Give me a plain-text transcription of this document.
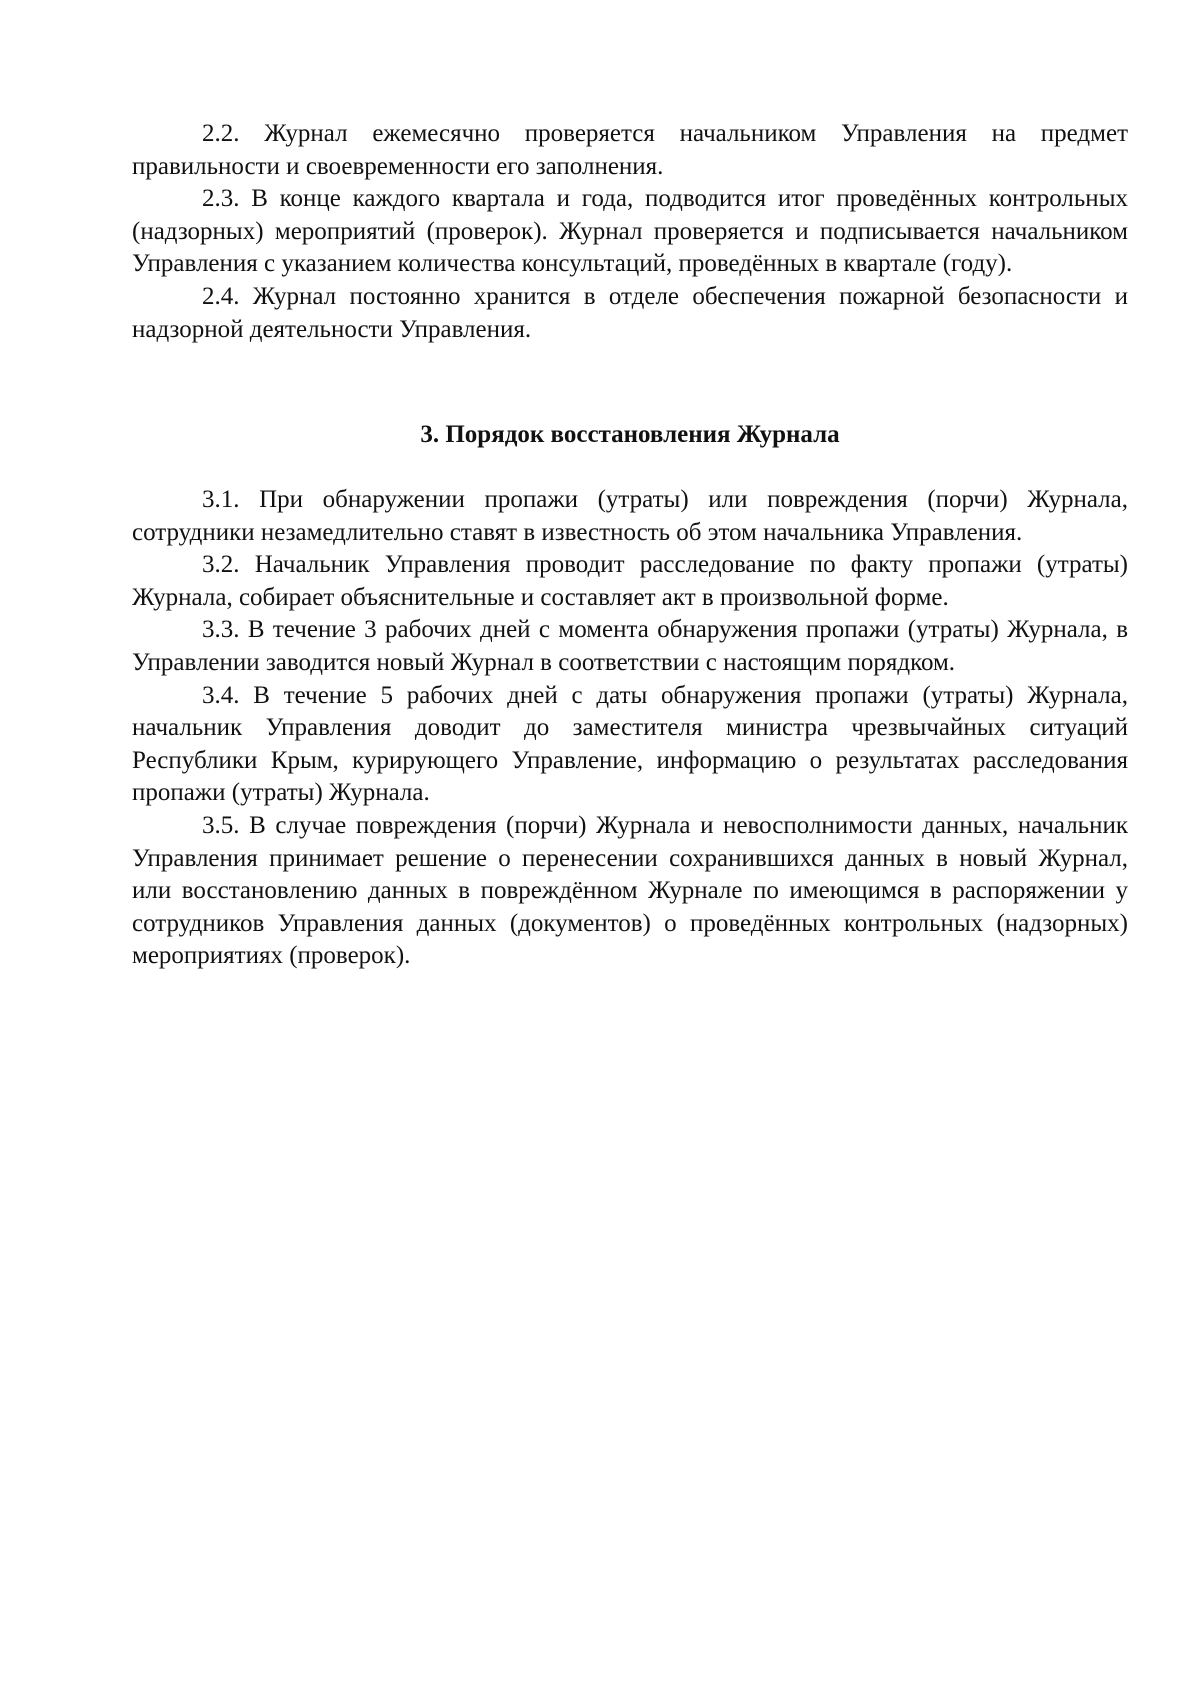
2.2. Журнал ежемесячно проверяется начальником Управления на предмет правильности и своевременности его заполнения.

2.3. В конце каждого квартала и года, подводится итог проведённых контрольных (надзорных) мероприятий (проверок). Журнал проверяется и подписывается начальником Управления с указанием количества консультаций, проведённых в квартале (году).

2.4. Журнал постоянно хранится в отделе обеспечения пожарной безопасности и надзорной деятельности Управления.

3. Порядок восстановления Журнала

3.1. При обнаружении пропажи (утраты) или повреждения (порчи) Журнала, сотрудники незамедлительно ставят в известность об этом начальника Управления.

3.2. Начальник Управления проводит расследование по факту пропажи (утраты) Журнала, собирает объяснительные и составляет акт в произвольной форме.

3.3. В течение 3 рабочих дней с момента обнаружения пропажи (утраты) Журнала, в Управлении заводится новый Журнал в соответствии с настоящим порядком.

3.4. В течение 5 рабочих дней с даты обнаружения пропажи (утраты) Журнала, начальник Управления доводит до заместителя министра чрезвычайных ситуаций Республики Крым, курирующего Управление, информацию о результатах расследования пропажи (утраты) Журнала.

3.5. В случае повреждения (порчи) Журнала и невосполнимости данных, начальник Управления принимает решение о перенесении сохранившихся данных в новый Журнал, или восстановлению данных в повреждённом Журнале по имеющимся в распоряжении у сотрудников Управления данных (документов) о проведённых контрольных (надзорных) мероприятиях (проверок).
